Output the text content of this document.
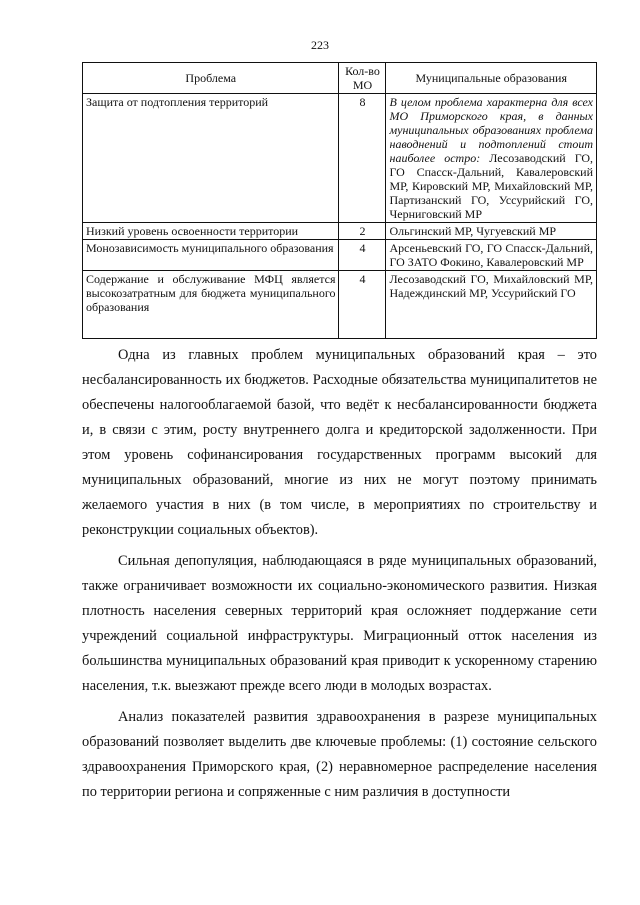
223
Проблема	Кол-во МО	Муниципальные образования
Защита от подтопления территорий	8	В целом проблема характерна для всех МО Приморского края, в данных муниципальных образованиях проблема наводнений и подтоплений стоит наиболее остро: Лесозаводский ГО, ГО Спасск-Дальний, Кавалеровский МР, Кировский МР, Михайловский МР, Партизанский ГО, Уссурийский ГО, Черниговский МР
Низкий уровень освоенности территории	2	Ольгинский МР, Чугуевский МР
Монозависимость муниципального образования	4	Арсеньевский ГО, ГО Спасск-Дальний, ГО ЗАТО Фокино, Кавалеровский МР
Содержание и обслуживание МФЦ является высокозатратным для бюджета муниципального образования	4	Лесозаводский ГО, Михайловский МР, Надеждинский МР, Уссурийский ГО

Одна из главных проблем муниципальных образований края – это несбалансированность их бюджетов. Расходные обязательства муниципалитетов не обеспечены налогооблагаемой базой, что ведёт к несбалансированности бюджета и, в связи с этим, росту внутреннего долга и кредиторской задолженности. При этом уровень софинансирования государственных программ высокий для муниципальных образований, многие из них не могут поэтому принимать желаемого участия в них (в том числе, в мероприятиях по строительству и реконструкции социальных объектов).

Сильная депопуляция, наблюдающаяся в ряде муниципальных образований, также ограничивает возможности их социально-экономического развития. Низкая плотность населения северных территорий края осложняет поддержание сети учреждений социальной инфраструктуры. Миграционный отток населения из большинства муниципальных образований края приводит к ускоренному старению населения, т.к. выезжают прежде всего люди в молодых возрастах.

Анализ показателей развития здравоохранения в разрезе муниципальных образований позволяет выделить две ключевые проблемы: (1) состояние сельского здравоохранения Приморского края, (2) неравномерное распределение населения по территории региона и сопряженные с ним различия в доступности
